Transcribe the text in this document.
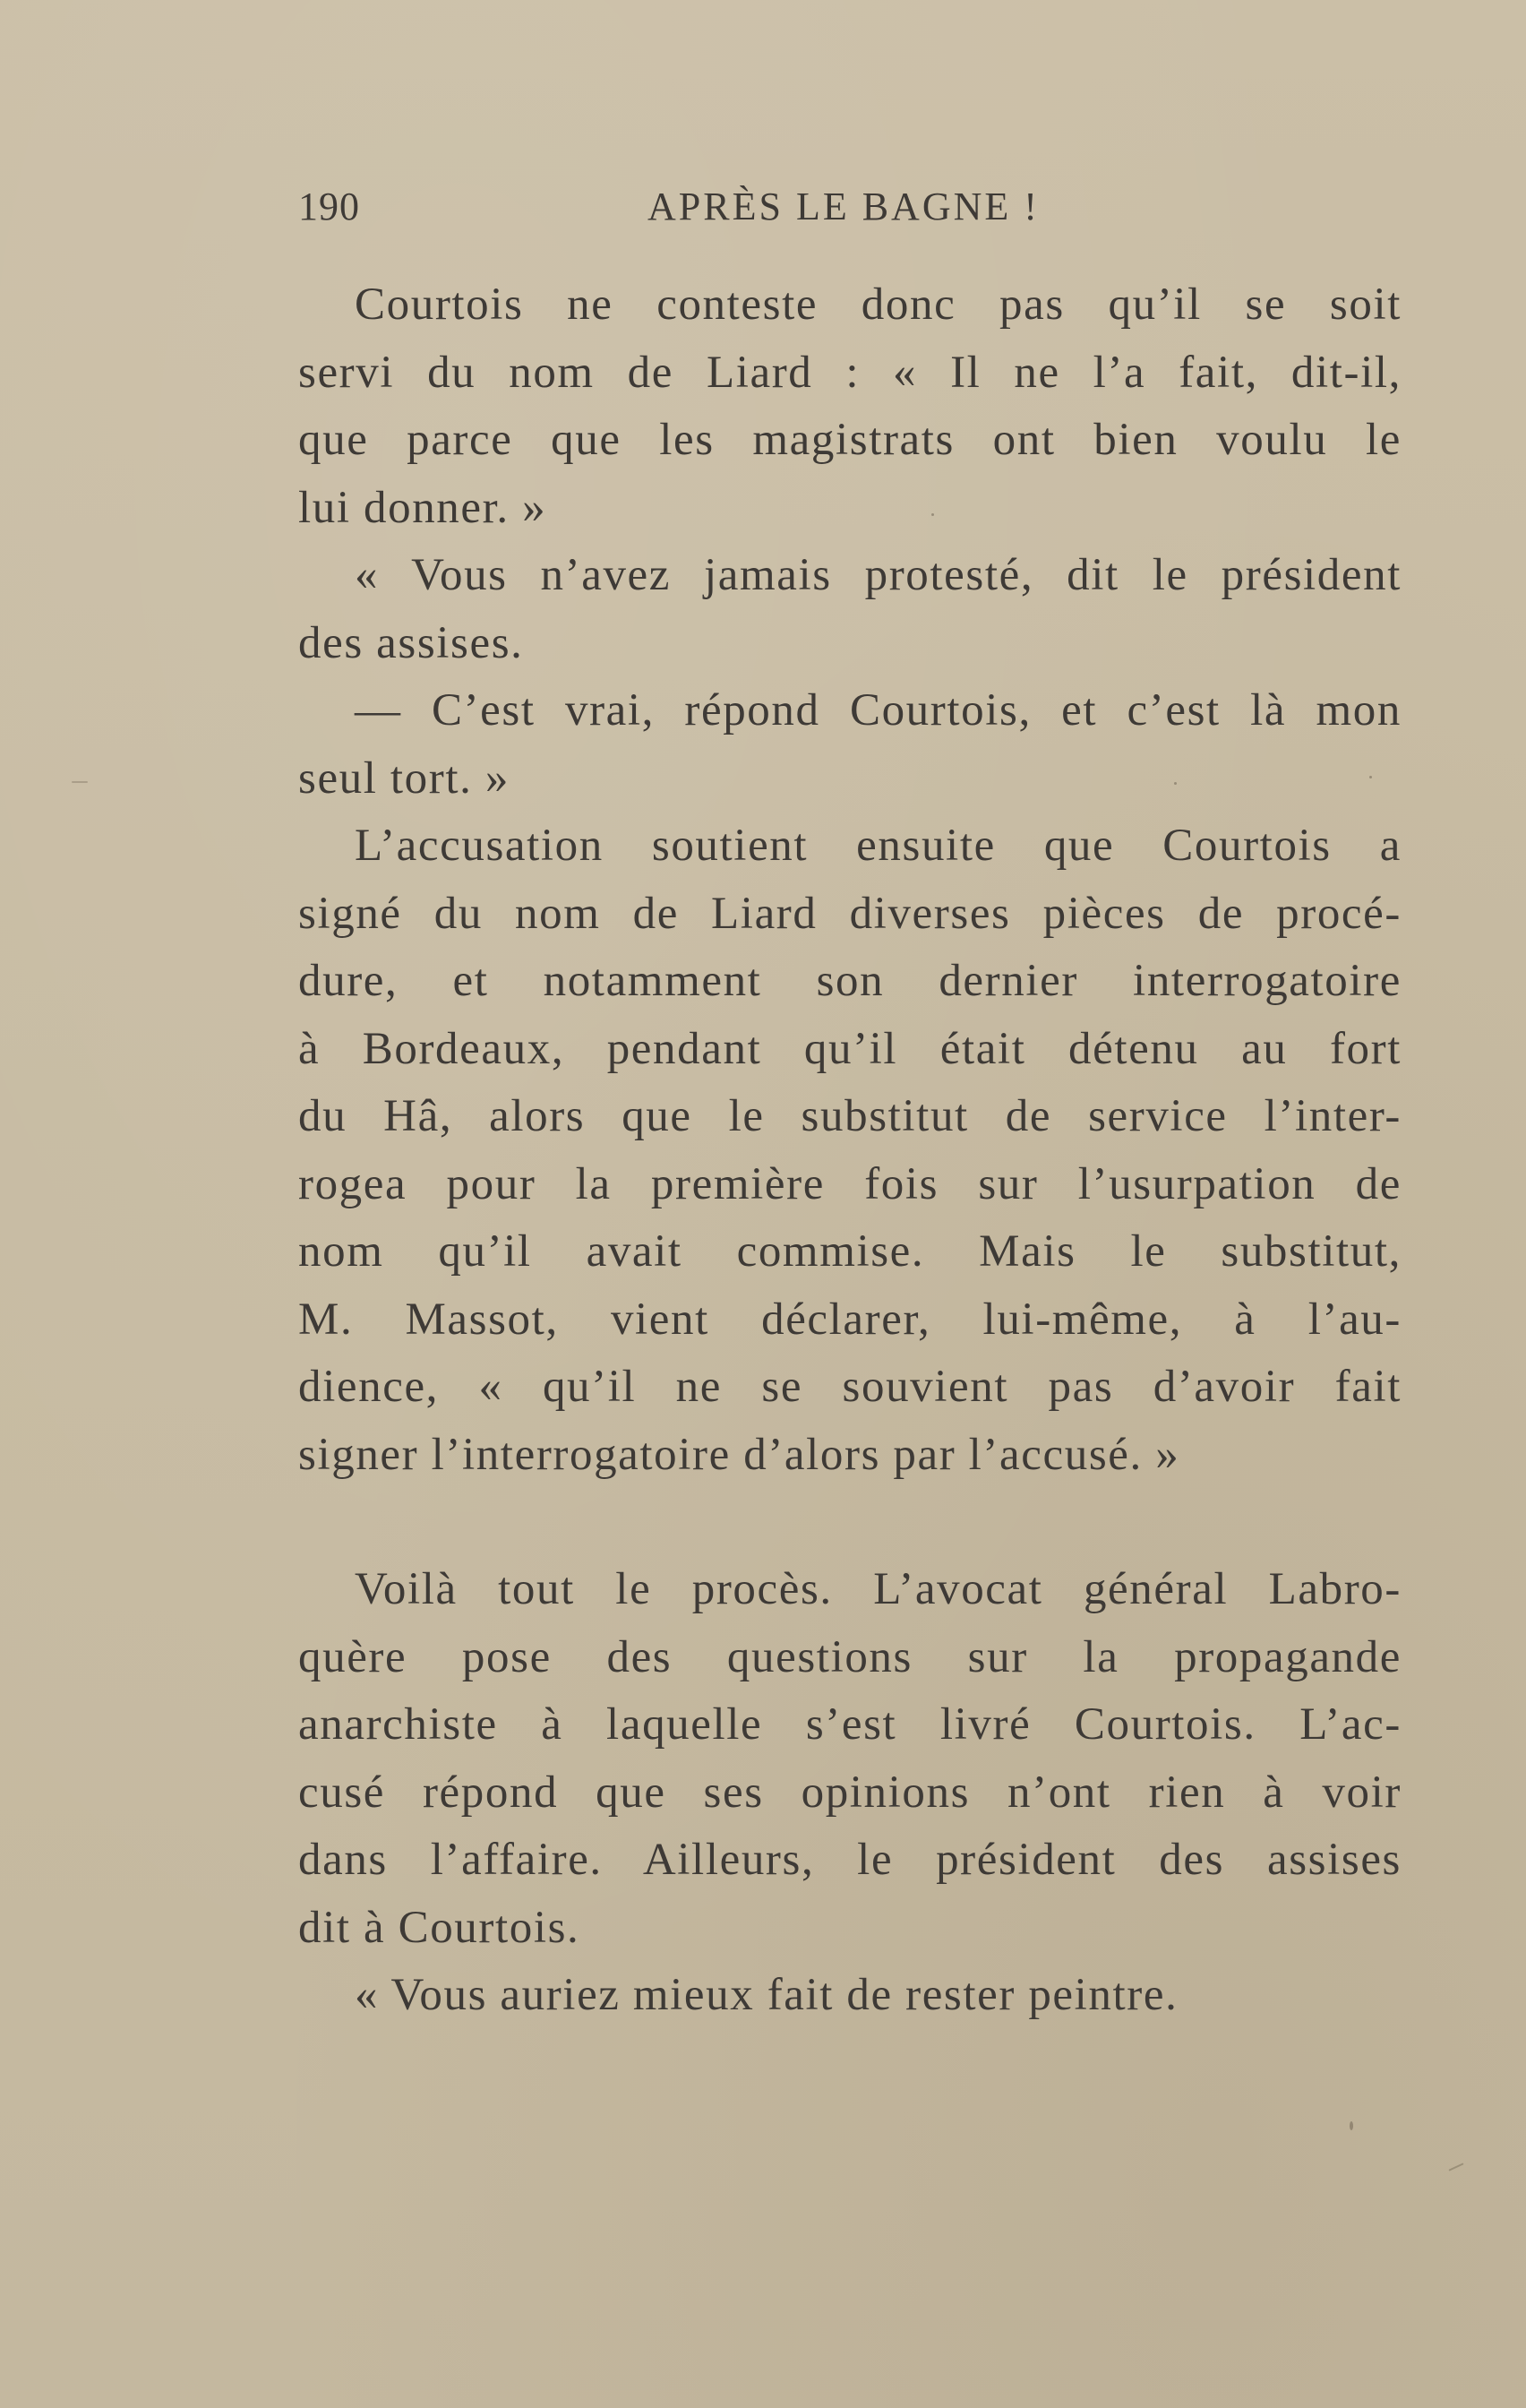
190	APRÈS LE BAGNE !
Courtois ne conteste donc pas qu’il se soit
servi du nom de Liard : « Il ne l’a fait, dit-il,
que parce que les magistrats ont bien voulu le
lui donner. »
« Vous n’avez jamais protesté, dit le président
des assises.
— C’est vrai, répond Courtois, et c’est là mon
seul tort. »
L’accusation soutient ensuite que Courtois a
signé du nom de Liard diverses pièces de procé-
dure, et notamment son dernier interrogatoire
à Bordeaux, pendant qu’il était détenu au fort
du Hâ, alors que le substitut de service l’inter-
rogea pour la première fois sur l’usurpation de
nom qu’il avait commise. Mais le substitut,
M. Massot, vient déclarer, lui-même, à l’au-
dience, « qu’il ne se souvient pas d’avoir fait
signer l’interrogatoire d’alors par l’accusé. »
Voilà tout le procès. L’avocat général Labro-
quère pose des questions sur la propagande
anarchiste à laquelle s’est livré Courtois. L’ac-
cusé répond que ses opinions n’ont rien à voir
dans l’affaire. Ailleurs, le président des assises
dit à Courtois.
« Vous auriez mieux fait de rester peintre.
